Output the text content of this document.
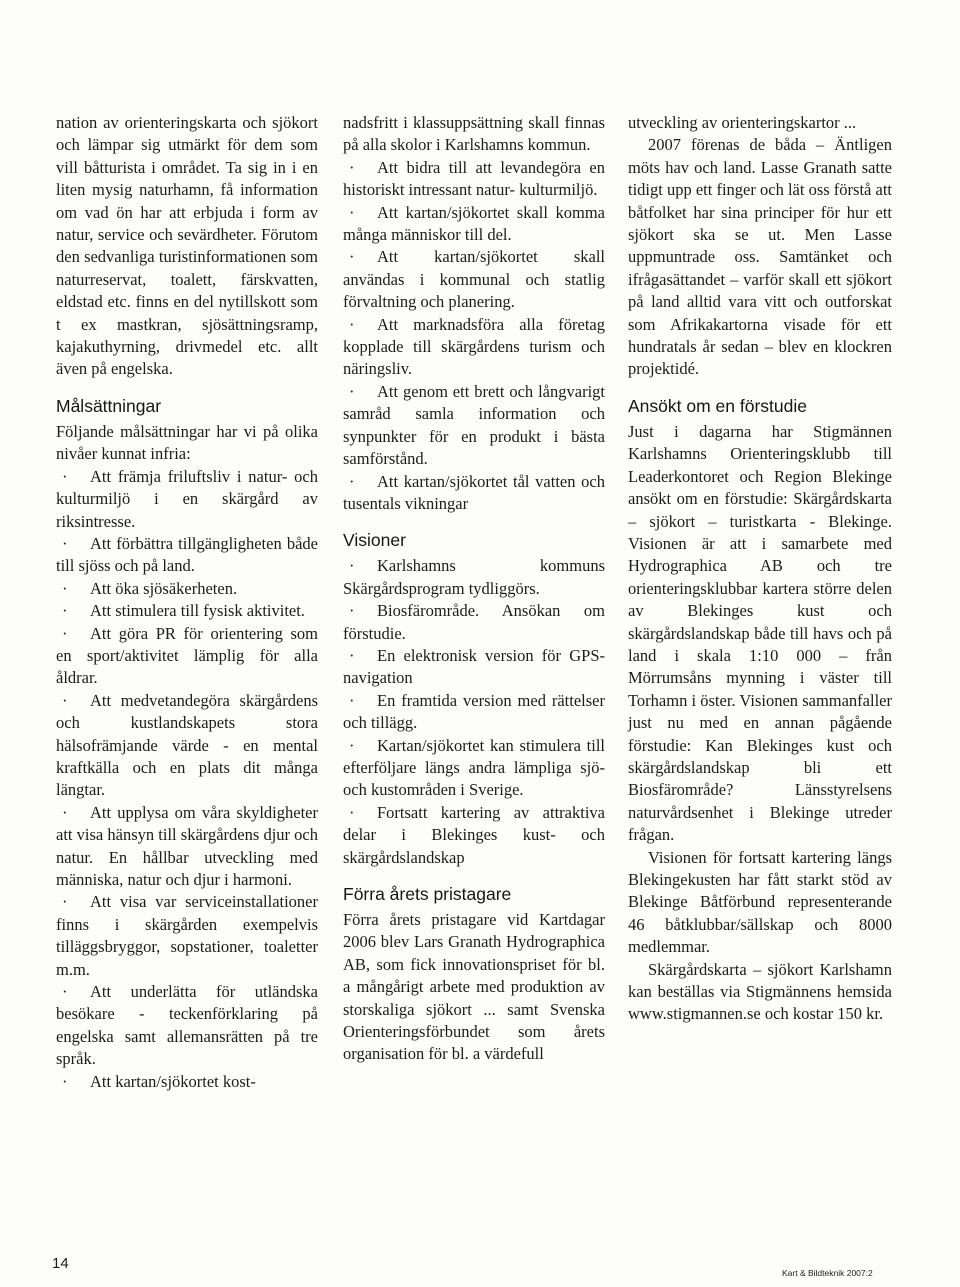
nation av orienteringskarta och sjökort och lämpar sig utmärkt för dem som vill båtturista i området. Ta sig in i en liten mysig naturhamn, få information om vad ön har att erbjuda i form av natur, service och sevärdheter. Förutom den sedvanliga turistinformationen som naturreservat, toalett, färskvatten, eldstad etc. finns en del nytillskott som t ex mastkran, sjösättningsramp, kajakuthyrning, drivmedel etc. allt även på engelska.

Målsättningar

Följande målsättningar har vi på olika nivåer kunnat infria:

· Att främja friluftsliv i natur- och kulturmiljö i en skärgård av riksintresse.
· Att förbättra tillgängligheten både till sjöss och på land.
· Att öka sjösäkerheten.
· Att stimulera till fysisk aktivitet.
· Att göra PR för orientering som en sport/aktivitet lämplig för alla åldrar.
· Att medvetandegöra skärgårdens och kustlandskapets stora hälsofrämjande värde - en mental kraftkälla och en plats dit många längtar.
· Att upplysa om våra skyldigheter att visa hänsyn till skärgårdens djur och natur. En hållbar utveckling med människa, natur och djur i harmoni.
· Att visa var serviceinstallationer finns i skärgården exempelvis tilläggsbryggor, sopstationer, toaletter m.m.
· Att underlätta för utländska besökare - teckenförklaring på engelska samt allemansrätten på tre språk.
· Att kartan/sjökortet kost-

nadsfritt i klassuppsättning skall finnas på alla skolor i Karlshamns kommun.

· Att bidra till att levandegöra en historiskt intressant natur- kulturmiljö.
· Att kartan/sjökortet skall komma många människor till del.
· Att kartan/sjökortet skall användas i kommunal och statlig förvaltning och planering.
· Att marknadsföra alla företag kopplade till skärgårdens turism och näringsliv.
· Att genom ett brett och långvarigt samråd samla information och synpunkter för en produkt i bästa samförstånd.
· Att kartan/sjökortet tål vatten och tusentals vikningar
Visioner
· Karlshamns kommuns Skärgårdsprogram tydliggörs.
· Biosfärområde. Ansökan om förstudie.
· En elektronisk version för GPS-navigation
· En framtida version med rättelser och tillägg.
· Kartan/sjökortet kan stimulera till efterföljare längs andra lämpliga sjö- och kustområden i Sverige.
· Fortsatt kartering av attraktiva delar i Blekinges kust- och skärgårdslandskap
Förra årets pristagare

Förra årets pristagare vid Kartdagar 2006 blev Lars Granath Hydrographica AB, som fick innovationspriset för bl. a mångårigt arbete med produktion av storskaliga sjökort ... samt Svenska Orienteringsförbundet som årets organisation för bl. a värdefull

utveckling av orienteringskartor ...

2007 förenas de båda – Äntligen möts hav och land. Lasse Granath satte tidigt upp ett finger och lät oss förstå att båtfolket har sina principer för hur ett sjökort ska se ut. Men Lasse uppmuntrade oss. Samtänket och ifrågasättandet – varför skall ett sjökort på land alltid vara vitt och outforskat som Afrikakartorna visade för ett hundratals år sedan – blev en klockren projektidé.

Ansökt om en förstudie

Just i dagarna har Stigmännen Karlshamns Orienteringsklubb till Leaderkontoret och Region Blekinge ansökt om en förstudie: Skärgårdskarta – sjökort – turistkarta - Blekinge. Visionen är att i samarbete med Hydrographica AB och tre orienteringsklubbar kartera större delen av Blekinges kust och skärgårdslandskap både till havs och på land i skala 1:10 000 – från Mörrumsåns mynning i väster till Torhamn i öster. Visionen sammanfaller just nu med en annan pågående förstudie: Kan Blekinges kust och skärgårdslandskap bli ett Biosfärområde? Länsstyrelsens naturvårdsenhet i Blekinge utreder frågan.

Visionen för fortsatt kartering längs Blekingekusten har fått starkt stöd av Blekinge Båtförbund representerande 46 båtklubbar/sällskap och 8000 medlemmar.

Skärgårdskarta – sjökort Karlshamn kan beställas via Stigmännens hemsida www.stigmannen.se och kostar 150 kr.

14
Kart & Bildteknik 2007:2
